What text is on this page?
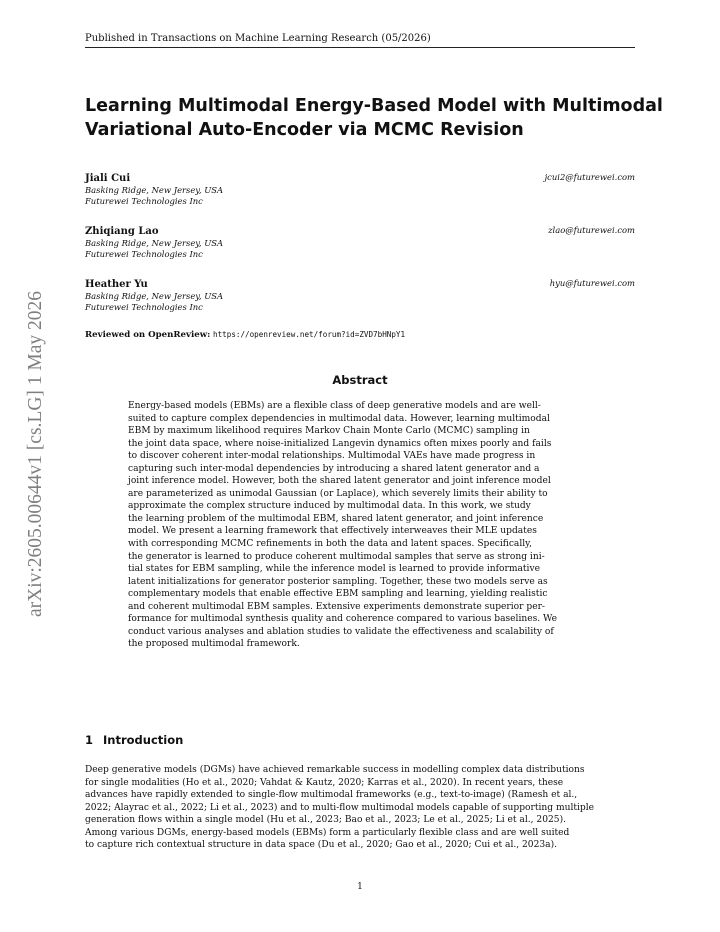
Published in Transactions on Machine Learning Research (05/2026)
Learning Multimodal Energy-Based Model with Multimodal
Variational Auto-Encoder via MCMC Revision
Jiali Cui
Basking Ridge, New Jersey, USA
Futurewei Technologies Inc
jcui2@futurewei.com
Zhiqiang Lao
Basking Ridge, New Jersey, USA
Futurewei Technologies Inc
zlao@futurewei.com
Heather Yu
Basking Ridge, New Jersey, USA
Futurewei Technologies Inc
hyu@futurewei.com
Reviewed on OpenReview: https://openreview.net/forum?id=ZVD7bHNpY1
Abstract
Energy-based models (EBMs) are a flexible class of deep generative models and are well-
suited to capture complex dependencies in multimodal data. However, learning multimodal
EBM by maximum likelihood requires Markov Chain Monte Carlo (MCMC) sampling in
the joint data space, where noise-initialized Langevin dynamics often mixes poorly and fails
to discover coherent inter-modal relationships. Multimodal VAEs have made progress in
capturing such inter-modal dependencies by introducing a shared latent generator and a
joint inference model. However, both the shared latent generator and joint inference model
are parameterized as unimodal Gaussian (or Laplace), which severely limits their ability to
approximate the complex structure induced by multimodal data. In this work, we study
the learning problem of the multimodal EBM, shared latent generator, and joint inference
model. We present a learning framework that effectively interweaves their MLE updates
with corresponding MCMC refinements in both the data and latent spaces. Specifically,
the generator is learned to produce coherent multimodal samples that serve as strong ini-
tial states for EBM sampling, while the inference model is learned to provide informative
latent initializations for generator posterior sampling. Together, these two models serve as
complementary models that enable effective EBM sampling and learning, yielding realistic
and coherent multimodal EBM samples. Extensive experiments demonstrate superior per-
formance for multimodal synthesis quality and coherence compared to various baselines. We
conduct various analyses and ablation studies to validate the effectiveness and scalability of
the proposed multimodal framework.
1 Introduction
Deep generative models (DGMs) have achieved remarkable success in modelling complex data distributions
for single modalities (Ho et al., 2020; Vahdat & Kautz, 2020; Karras et al., 2020). In recent years, these
advances have rapidly extended to single-flow multimodal frameworks (e.g., text-to-image) (Ramesh et al.,
2022; Alayrac et al., 2022; Li et al., 2023) and to multi-flow multimodal models capable of supporting multiple
generation flows within a single model (Hu et al., 2023; Bao et al., 2023; Le et al., 2025; Li et al., 2025).
Among various DGMs, energy-based models (EBMs) form a particularly flexible class and are well suited
to capture rich contextual structure in data space (Du et al., 2020; Gao et al., 2020; Cui et al., 2023a).
1
arXiv:2605.00644v1 [cs.LG] 1 May 2026
